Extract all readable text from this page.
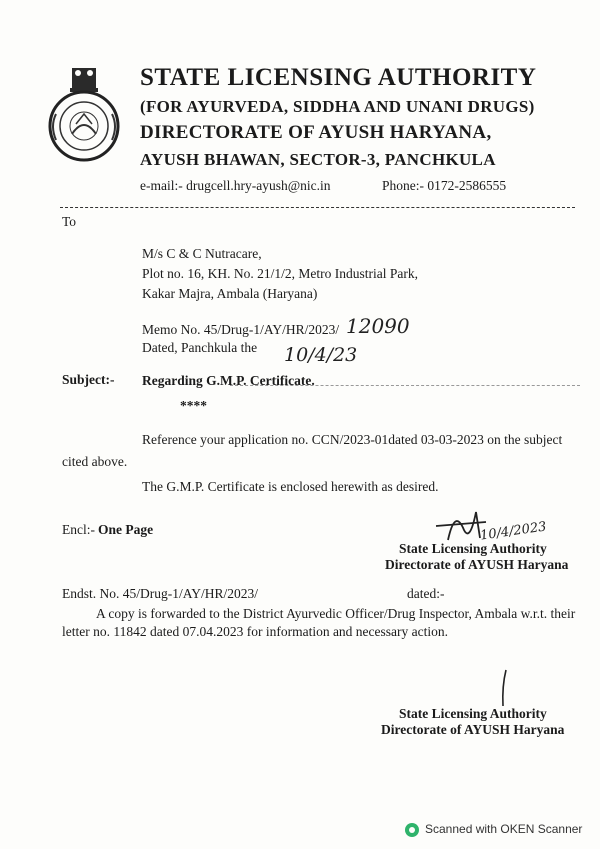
STATE LICENSING AUTHORITY
(FOR AYURVEDA, SIDDHA AND UNANI DRUGS)
DIRECTORATE OF AYUSH HARYANA,
AYUSH BHAWAN, SECTOR-3, PANCHKULA
e-mail:- drugcell.hry-ayush@nic.in	Phone:- 0172-2586555
To
M/s C & C Nutracare,
Plot no. 16, KH. No. 21/1/2, Metro Industrial Park,
Kakar Majra, Ambala (Haryana)
Memo No. 45/Drug-1/AY/HR/2023/ 12090
Dated, Panchkula the 10/4/23
Subject:- Regarding G.M.P. Certificate.
****
Reference your application no. CCN/2023-01dated 03-03-2023 on the subject
cited above.
The G.M.P. Certificate is enclosed herewith as desired.
Encl:- One Page	10/4/2023
State Licensing Authority
Directorate of AYUSH Haryana
Endst. No. 45/Drug-1/AY/HR/2023/	dated:-
A copy is forwarded to the District Ayurvedic Officer/Drug Inspector, Ambala w.r.t. their
letter no. 11842 dated 07.04.2023 for information and necessary action.
State Licensing Authority
Directorate of AYUSH Haryana
Scanned with OKEN Scanner
